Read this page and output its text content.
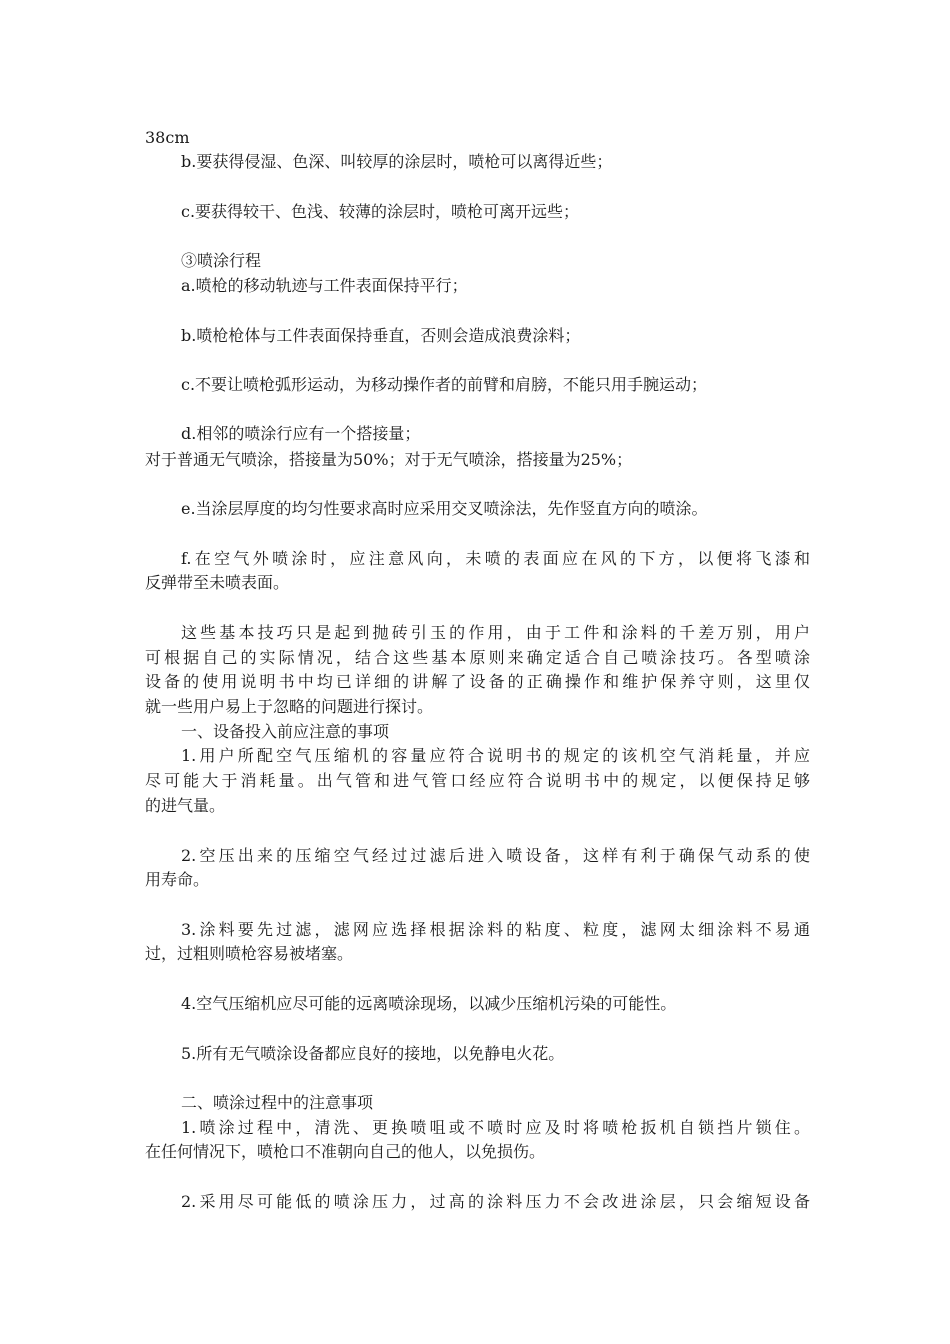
38cm
b.要获得侵湿、色深、叫较厚的涂层时，喷枪可以离得近些；
c.要获得较干、色浅、较薄的涂层时，喷枪可离开远些；
③喷涂行程
a.喷枪的移动轨迹与工件表面保持平行；
b.喷枪枪体与工件表面保持垂直，否则会造成浪费涂料；
c.不要让喷枪弧形运动，为移动操作者的前臂和肩膀，不能只用手腕运动；
d.相邻的喷涂行应有一个搭接量；
对于普通无气喷涂，搭接量为50%；对于无气喷涂，搭接量为25%；
e.当涂层厚度的均匀性要求高时应采用交叉喷涂法，先作竖直方向的喷涂。
f.在空气外喷涂时，应注意风向，未喷的表面应在风的下方，以便将飞漆和
反弹带至未喷表面。
这些基本技巧只是起到抛砖引玉的作用，由于工件和涂料的千差万别，用户
可根据自己的实际情况，结合这些基本原则来确定适合自己喷涂技巧。各型喷涂
设备的使用说明书中均已详细的讲解了设备的正确操作和维护保养守则，这里仅
就一些用户易上于忽略的问题进行探讨。
一、设备投入前应注意的事项
1.用户所配空气压缩机的容量应符合说明书的规定的该机空气消耗量，并应
尽可能大于消耗量。出气管和进气管口经应符合说明书中的规定，以便保持足够
的进气量。
2.空压出来的压缩空气经过过滤后进入喷设备，这样有利于确保气动系的使
用寿命。
3.涂料要先过滤，滤网应选择根据涂料的粘度、粒度，滤网太细涂料不易通
过，过粗则喷枪容易被堵塞。
4.空气压缩机应尽可能的远离喷涂现场，以减少压缩机污染的可能性。
5.所有无气喷涂设备都应良好的接地，以免静电火花。
二、喷涂过程中的注意事项
1.喷涂过程中，清洗、更换喷咀或不喷时应及时将喷枪扳机自锁挡片锁住。
在任何情况下，喷枪口不准朝向自己的他人，以免损伤。
2.采用尽可能低的喷涂压力，过高的涂料压力不会改进涂层，只会缩短设备
